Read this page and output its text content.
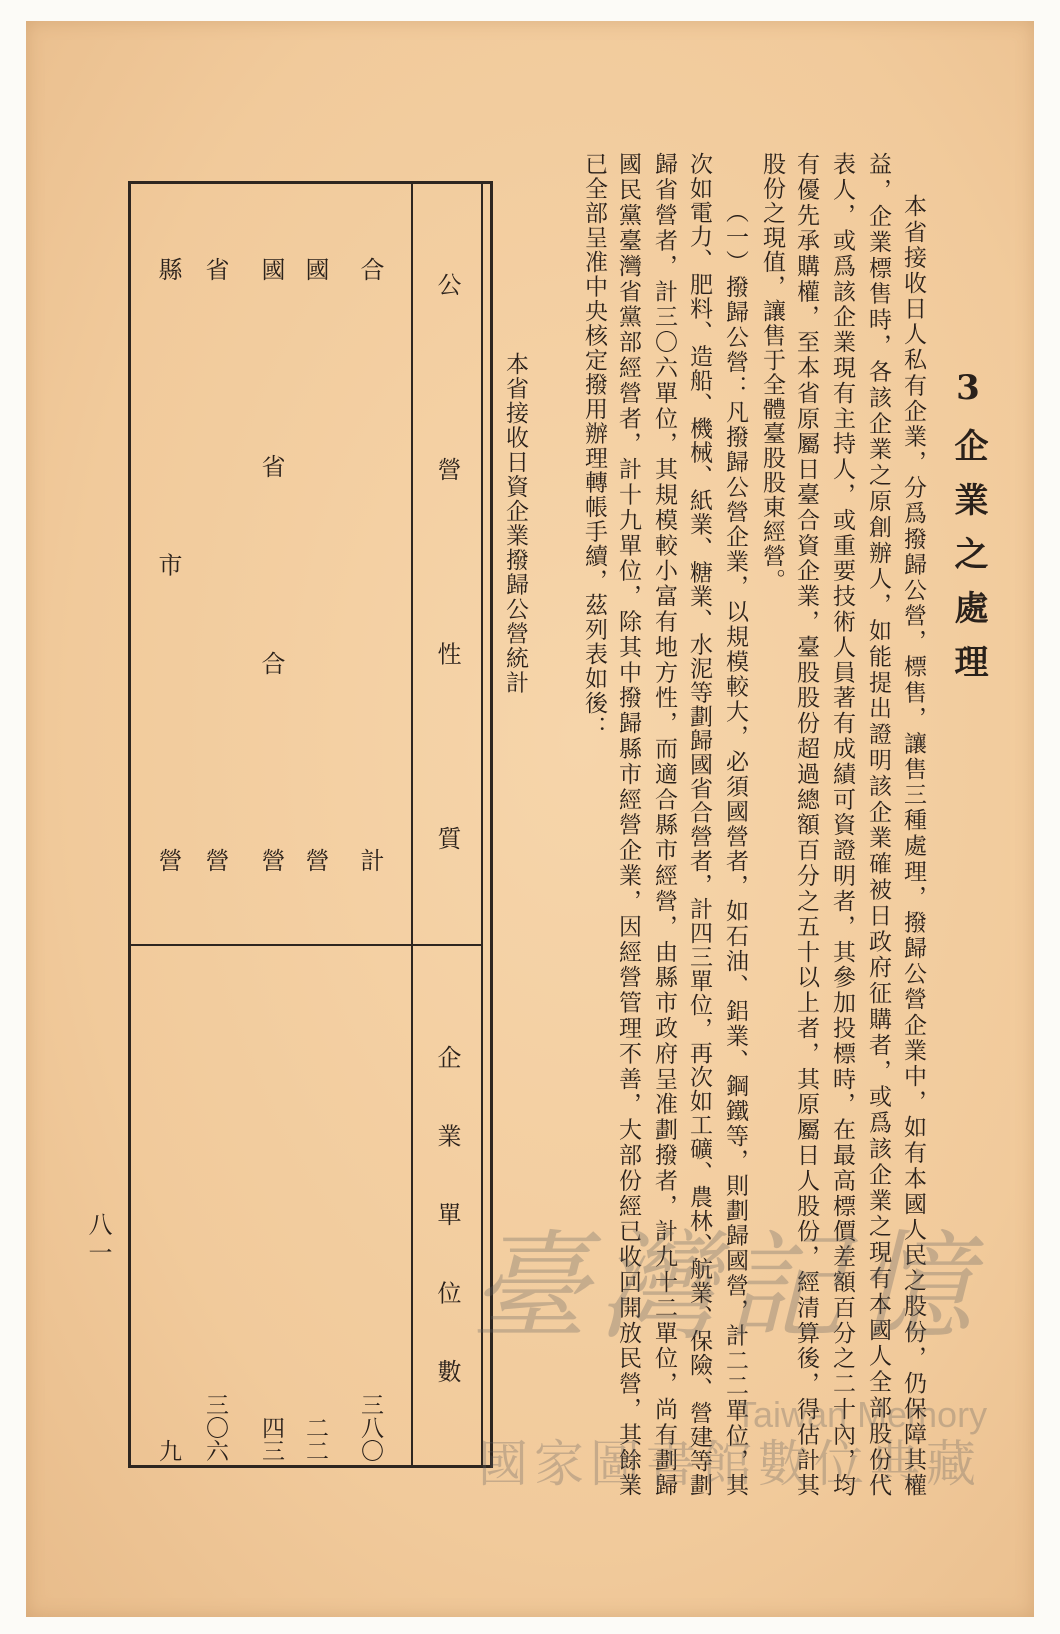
3企業之處理
本省接收日人私有企業，分爲撥歸公營，標售，讓售三種處理，撥歸公營企業中，如有本國人民之股份，仍保障其權
益，企業標售時，各該企業之原創辦人，如能提出證明該企業確被日政府征購者，或爲該企業之現有本國人全部股份代
表人，或爲該企業現有主持人，或重要技術人員著有成績可資證明者，其參加投標時，在最高標價差額百分之二十內，均
有優先承購權，至本省原屬日臺合資企業，臺股股份超過總額百分之五十以上者，其原屬日人股份，經清算後，得估計其
股份之現值，讓售于全體臺股股東經營。
（一）撥歸公營：凡撥歸公營企業，以規模較大，必須國營者，如石油、鋁業、鋼鐵等，則劃歸國營，計二二單位，其
次如電力、肥料、造船、機械、紙業、糖業、水泥等劃歸國省合營者，計四三單位，再次如工礦、農林、航業、保險、營建等劃
歸省營者，計三〇六單位，其規模較小富有地方性，而適合縣市經營，由縣市政府呈准劃撥者，計九十二單位，尚有劃歸
國民黨臺灣省黨部經營者，計十九單位，除其中撥歸縣市經營企業，因經營管理不善，大部份經已收回開放民營，其餘業
已全部呈准中央核定撥用辦理轉帳手續，茲列表如後：
本省接收日資企業撥歸公營統計
公營性質
企業單位數
合計
三八〇
國營
二二
國省合營
四三
省營
三〇六
縣市營
九
八一	臺灣記憶
Taiwan Memory
國家圖書館數位典藏
